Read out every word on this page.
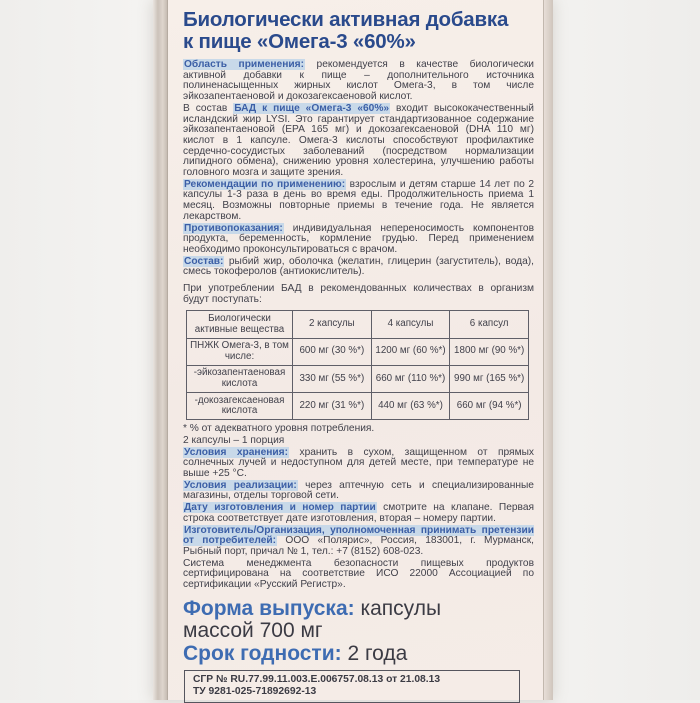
Биологически активная добавка
к пище «Омега-3 «60%»

Область применения: рекомендуется в качестве биологически активной добавки к пище – дополнительного источника полиненасыщенных жирных кислот Омега-3, в том числе эйкозапентаеновой и докозагексаеновой кислот.

В состав БАД к пище «Омега-3 «60%» входит высококачественный исландский жир LYSI. Это гарантирует стандартизованное содержание эйкозапентаеновой (EPA 165 мг) и докозагексаеновой (DHA 110 мг) кислот в 1 капсуле. Омега-3 кислоты способствуют профилактике сердечно-сосудистых заболеваний (посредством нормализации липидного обмена), снижению уровня холестерина, улучшению работы головного мозга и защите зрения.

Рекомендации по применению: взрослым и детям старше 14 лет по 2 капсулы 1-3 раза в день во время еды. Продолжительность приема 1 месяц. Возможны повторные приемы в течение года. Не является лекарством.

Противопоказания: индивидуальная непереносимость компонентов продукта, беременность, кормление грудью. Перед применением необходимо проконсультироваться с врачом.

Состав: рыбий жир, оболочка (желатин, глицерин (загуститель), вода), смесь токоферолов (антиокислитель).

При употреблении БАД в рекомендованных количествах в организм будут поступать:

Биологически активные вещества	2 капсулы	4 капсулы	6 капсул
ПНЖК Омега-3, в том числе:	600 мг (30 %*)	1200 мг (60 %*)	1800 мг (90 %*)
-эйкозапентаеновая кислота	330 мг (55 %*)	660 мг (110 %*)	990 мг (165 %*)
-докозагексаеновая кислота	220 мг (31 %*)	440 мг (63 %*)	660 мг (94 %*)

* % от адекватного уровня потребления.

2 капсулы – 1 порция

Условия хранения: хранить в сухом, защищенном от прямых солнечных лучей и недоступном для детей месте, при температуре не выше +25 °C.

Условия реализации: через аптечную сеть и специализированные магазины, отделы торговой сети.

Дату изготовления и номер партии смотрите на клапане. Первая строка соответствует дате изготовления, вторая – номеру партии.

Изготовитель/Организация, уполномоченная принимать претензии от потребителей: ООО «Полярис», Россия, 183001, г. Мурманск, Рыбный порт, причал № 1, тел.: +7 (8152) 608-023.

Система менеджмента безопасности пищевых продуктов сертифицирована на соответствие ИСО 22000 Ассоциацией по сертификации «Русский Регистр».

Форма выпуска: капсулы
массой 700 мг
Срок годности: 2 года
СГР № RU.77.99.11.003.Е.006757.08.13 от 21.08.13
ТУ 9281-025-71892692-13
